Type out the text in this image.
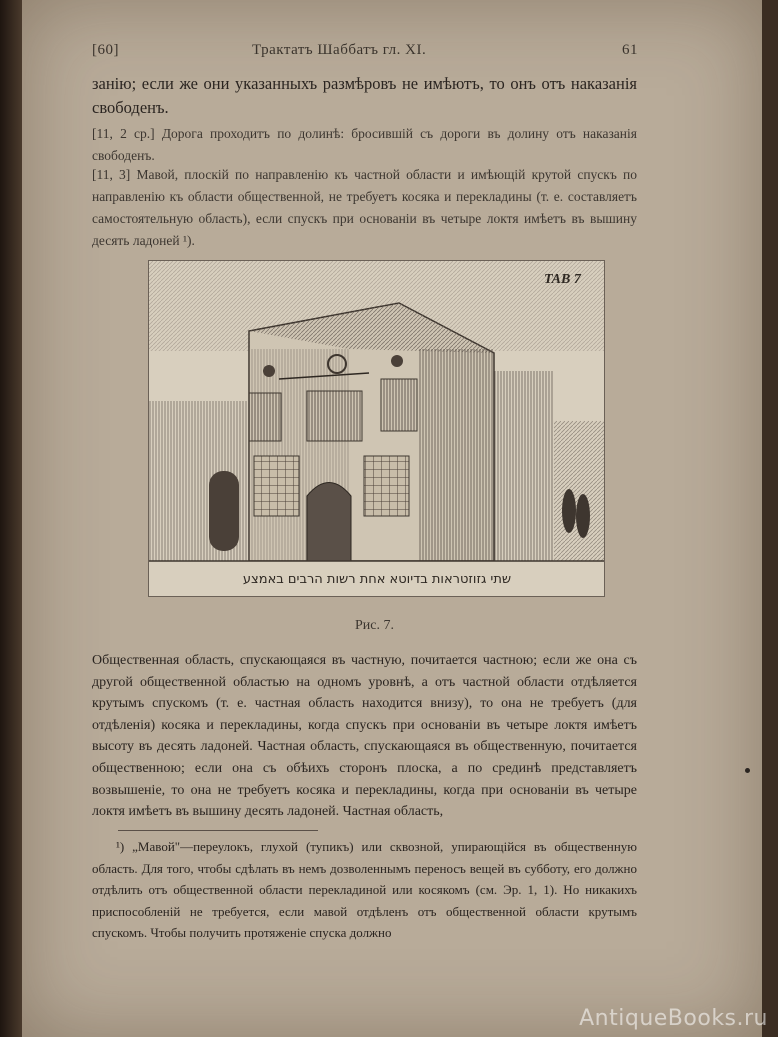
[60]	Трактатъ Шаббатъ гл. XI.	61
занію; если же они указанныхъ размѣровъ не имѣютъ, то онъ отъ наказанія свободенъ.
[11, 2 ср.] Дорога проходитъ по долинѣ: бросившій съ дороги въ долину отъ наказанія свободенъ.
[11, 3] Мавой, плоскій по направленію къ частной области и имѣющій крутой спускъ по направленію къ области общественной, не требуетъ косяка и перекладины (т. е. составляетъ самостоятельную область), если спускъ при основаніи въ четыре локтя имѣетъ въ вышину десять ладоней ¹).
ТАВ 7
שתי גזוזטראות בדיוטא אחת רשות הרבים באמצע
Рис. 7.
Общественная область, спускающаяся въ частную, почитается частною; если же она съ другой общественной областью на одномъ уровнѣ, а отъ частной области отдѣляется крутымъ спускомъ (т. е. частная область находится внизу), то она не требуетъ (для отдѣленія) косяка и перекладины, когда спускъ при основаніи въ четыре локтя имѣетъ высоту въ десять ладоней. Частная область, спускающаяся въ общественную, почитается общественною; если она съ обѣихъ сторонъ плоска, а по срединѣ представляетъ возвышеніе, то она не требуетъ косяка и перекладины, когда при основаніи въ четыре локтя имѣетъ въ вышину десять ладоней. Частная область,
¹) „Мавой"—переулокъ, глухой (тупикъ) или сквозной, упирающійся въ общественную область. Для того, чтобы сдѣлать въ немъ дозволеннымъ переносъ вещей въ субботу, его должно отдѣлить отъ общественной области перекладиной или косякомъ (см. Эр. 1, 1). Но никакихъ приспособленій не требуется, если мавой отдѣленъ отъ общественной области крутымъ спускомъ. Чтобы получить протяженіе спуска должно
AntiqueBooks.ru
